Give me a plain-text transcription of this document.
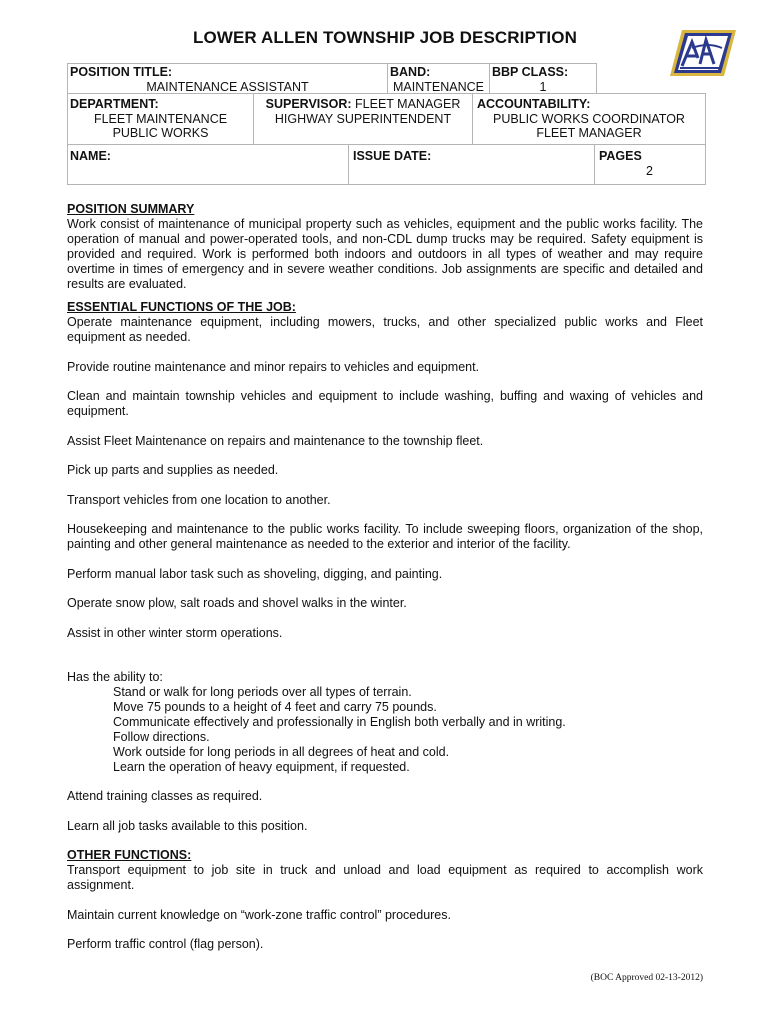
LOWER ALLEN TOWNSHIP JOB DESCRIPTION
POSITION TITLE:
MAINTENANCE ASSISTANT
BAND:
MAINTENANCE
BBP CLASS:
1
DEPARTMENT:
FLEET MAINTENANCE
PUBLIC WORKS
SUPERVISOR: FLEET MANAGER
HIGHWAY SUPERINTENDENT
ACCOUNTABILITY:
PUBLIC WORKS COORDINATOR
FLEET MANAGER
NAME:	ISSUE DATE:	PAGES
2

POSITION SUMMARY

Work consist of maintenance of municipal property such as vehicles, equipment and the public works facility. The operation of manual and power-operated tools, and non-CDL dump trucks may be required. Safety equipment is provided and required. Work is performed both indoors and outdoors in all types of weather and may require overtime in times of emergency and in severe weather conditions. Job assignments are specific and detailed and results are evaluated.

ESSENTIAL FUNCTIONS OF THE JOB:

Operate maintenance equipment, including mowers, trucks, and other specialized public works and Fleet equipment as needed.

Provide routine maintenance and minor repairs to vehicles and equipment.

Clean and maintain township vehicles and equipment to include washing, buffing and waxing of vehicles and equipment.

Assist Fleet Maintenance on repairs and maintenance to the township fleet.

Pick up parts and supplies as needed.

Transport vehicles from one location to another.

Housekeeping and maintenance to the public works facility. To include sweeping floors, organization of the shop, painting and other general maintenance as needed to the exterior and interior of the facility.

Perform manual labor task such as shoveling, digging, and painting.

Operate snow plow, salt roads and shovel walks in the winter.

Assist in other winter storm operations.

Has the ability to:

Stand or walk for long periods over all types of terrain.

Move 75 pounds to a height of 4 feet and carry 75 pounds.

Communicate effectively and professionally in English both verbally and in writing.

Follow directions.

Work outside for long periods in all degrees of heat and cold.

Learn the operation of heavy equipment, if requested.

Attend training classes as required.

Learn all job tasks available to this position.

OTHER FUNCTIONS:

Transport equipment to job site in truck and unload and load equipment as required to accomplish work assignment.

Maintain current knowledge on “work-zone traffic control” procedures.

Perform traffic control (flag person).

(BOC Approved 02-13-2012)
